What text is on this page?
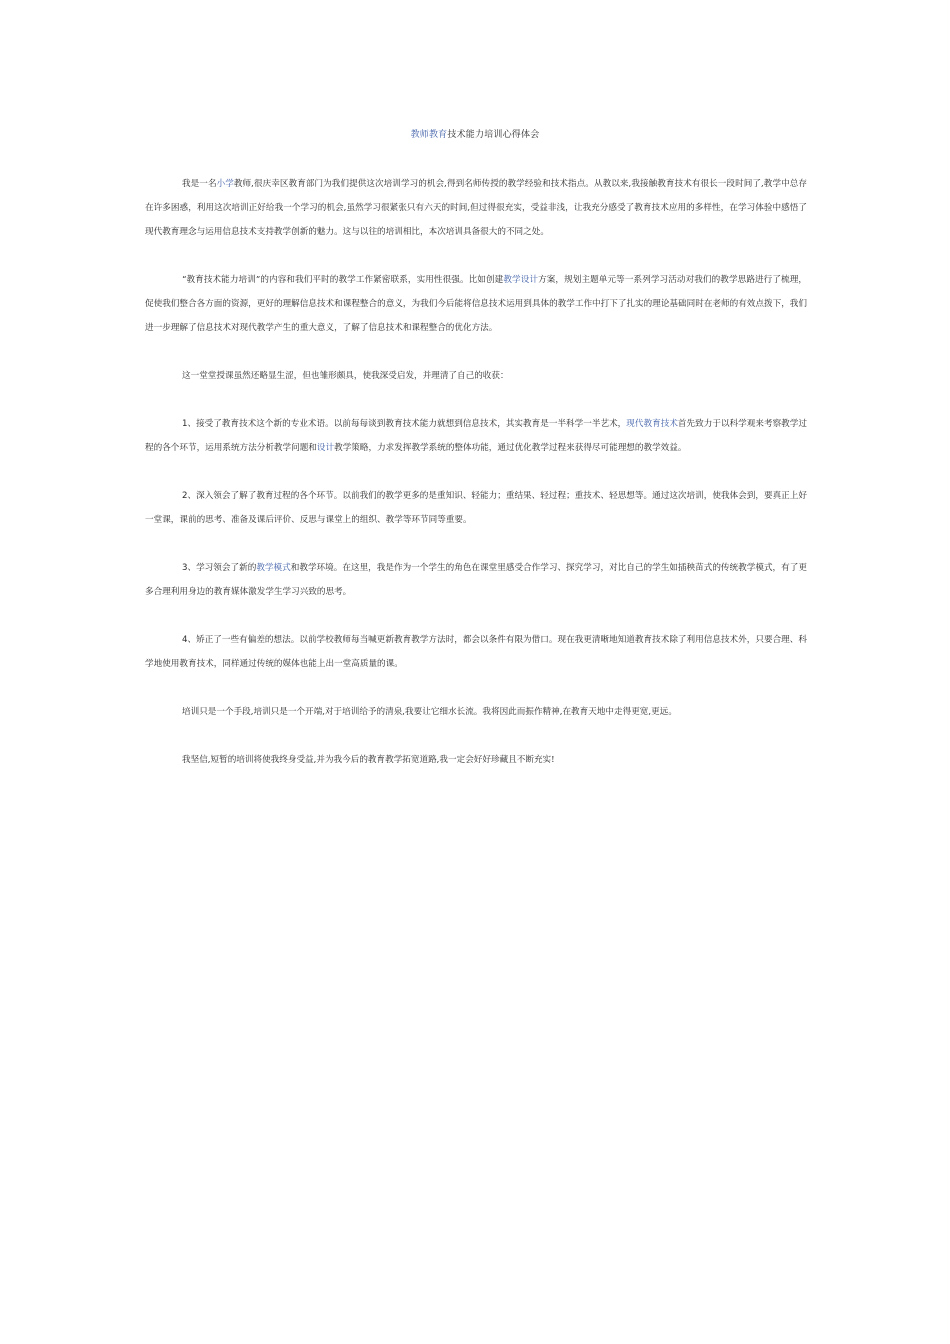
教师教育技术能力培训心得体会

我是一名小学教师,很庆幸区教育部门为我们提供这次培训学习的机会,得到名师传授的教学经验和技术指点。从教以来,我接触教育技术有很长一段时间了,教学中总存在许多困惑，利用这次培训正好给我一个学习的机会,虽然学习很紧张只有六天的时间,但过得很充实，受益非浅，让我充分感受了教育技术应用的多样性，在学习体验中感悟了现代教育理念与运用信息技术支持教学创新的魅力。这与以往的培训相比，本次培训具备很大的不同之处。

“教育技术能力培训”的内容和我们平时的教学工作紧密联系，实用性很强。比如创建教学设计方案，规划主题单元等一系列学习活动对我们的教学思路进行了梳理，促使我们整合各方面的资源，更好的理解信息技术和课程整合的意义，为我们今后能将信息技术运用到具体的教学工作中打下了扎实的理论基础同时在老师的有效点拨下，我们进一步理解了信息技术对现代教学产生的重大意义，了解了信息技术和课程整合的优化方法。

这一堂堂授课虽然还略显生涩，但也雏形颇具，使我深受启发，并理清了自己的收获：

1、接受了教育技术这个新的专业术语。以前每每谈到教育技术能力就想到信息技术，其实教育是一半科学一半艺术，现代教育技术首先致力于以科学观来考察教学过程的各个环节，运用系统方法分析教学问题和设计教学策略，力求发挥教学系统的整体功能，通过优化教学过程来获得尽可能理想的教学效益。

2、深入领会了解了教育过程的各个环节。以前我们的教学更多的是重知识、轻能力；重结果、轻过程；重技术、轻思想等。通过这次培训，使我体会到，要真正上好一堂课，课前的思考、准备及课后评价、反思与课堂上的组织、教学等环节同等重要。

3、学习领会了新的教学模式和教学环境。在这里，我是作为一个学生的角色在课堂里感受合作学习、探究学习，对比自己的学生如插秧苗式的传统教学模式，有了更多合理利用身边的教育媒体激发学生学习兴致的思考。

4、矫正了一些有偏差的想法。以前学校教师每当喊更新教育教学方法时，都会以条件有限为借口。现在我更清晰地知道教育技术除了利用信息技术外，只要合理、科学地使用教育技术，同样通过传统的媒体也能上出一堂高质量的课。

培训只是一个手段,培训只是一个开端,对于培训给予的清泉,我要让它细水长流。我将因此而振作精神,在教育天地中走得更宽,更远。

我坚信,短暂的培训将使我终身受益,并为我今后的教育教学拓宽道路,我一定会好好珍藏且不断充实!
